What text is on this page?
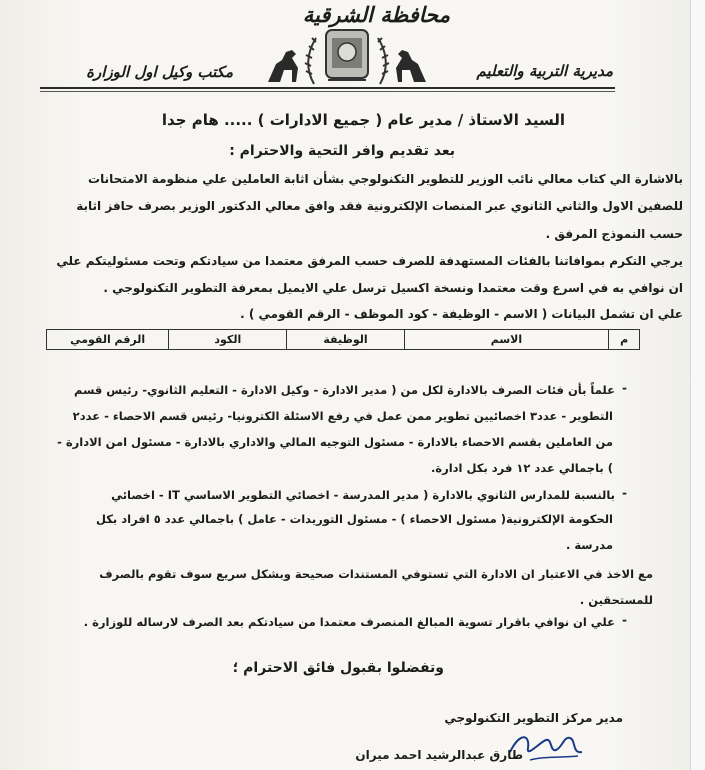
محافظة الشرقية
مديرية التربية والتعليم
مكتب وكيل اول الوزارة
السيد الاستاذ / مدير عام ( جميع الادارات ) ..... هام جدا
بعد تقديم وافر التحية والاحترام :
بالاشارة الي كتاب معالي نائب الوزير للتطوير التكنولوجي بشأن اثابة العاملين علي منظومة الامتحانات
للصفين الاول والثاني الثانوي عبر المنصات الإلكترونية فقد وافق معالي الدكتور الوزير بصرف حافز اثابة
حسب النموذج المرفق .
يرجي التكرم بموافاتنا بالفئات المستهدفة للصرف حسب المرفق معتمدا من سيادتكم وتحت مسئوليتكم علي
ان نوافي به في اسرع وقت معتمدا ونسخة اكسيل ترسل علي الايميل بمعرفة التطوير التكنولوجي .
علي ان تشمل البيانات ( الاسم - الوظيفة - كود الموظف - الرقم القومي ) .
م
الاسم
الوظيفة
الكود
الرقم القومي
-
علماً بأن فئات الصرف بالادارة لكل من ( مدير الادارة - وكيل الادارة - التعليم الثانوي- رئيس قسم
التطوير - عدد٣ اخصائيين تطوير ممن عمل في رفع الاسئلة الكترونيا- رئيس قسم الاحصاء - عدد٢
من العاملين بقسم الاحصاء بالادارة - مسئول التوجيه المالي والاداري بالادارة - مسئول امن الادارة -
) باجمالي عدد ١٢ فرد بكل ادارة.
-
بالنسبة للمدارس الثانوي بالادارة ( مدير المدرسة - اخصائي التطوير الاساسي IT - اخصائي
الحكومة الإلكترونية( مسئول الاحصاء ) - مسئول التوريدات - عامل ) باجمالي عدد ٥ افراد بكل
مدرسة .
مع الاخذ في الاعتبار ان الادارة التي تستوفي المستندات صحيحة وبشكل سريع سوف تقوم بالصرف
للمستحقين .
-
علي ان نوافي باقرار تسوية المبالغ المنصرف معتمدا من سيادتكم بعد الصرف لارساله للوزارة .
وتفضلوا بقبول فائق الاحترام ؛
مدير مركز التطوير التكنولوجي
طارق عبدالرشيد احمد ميران
